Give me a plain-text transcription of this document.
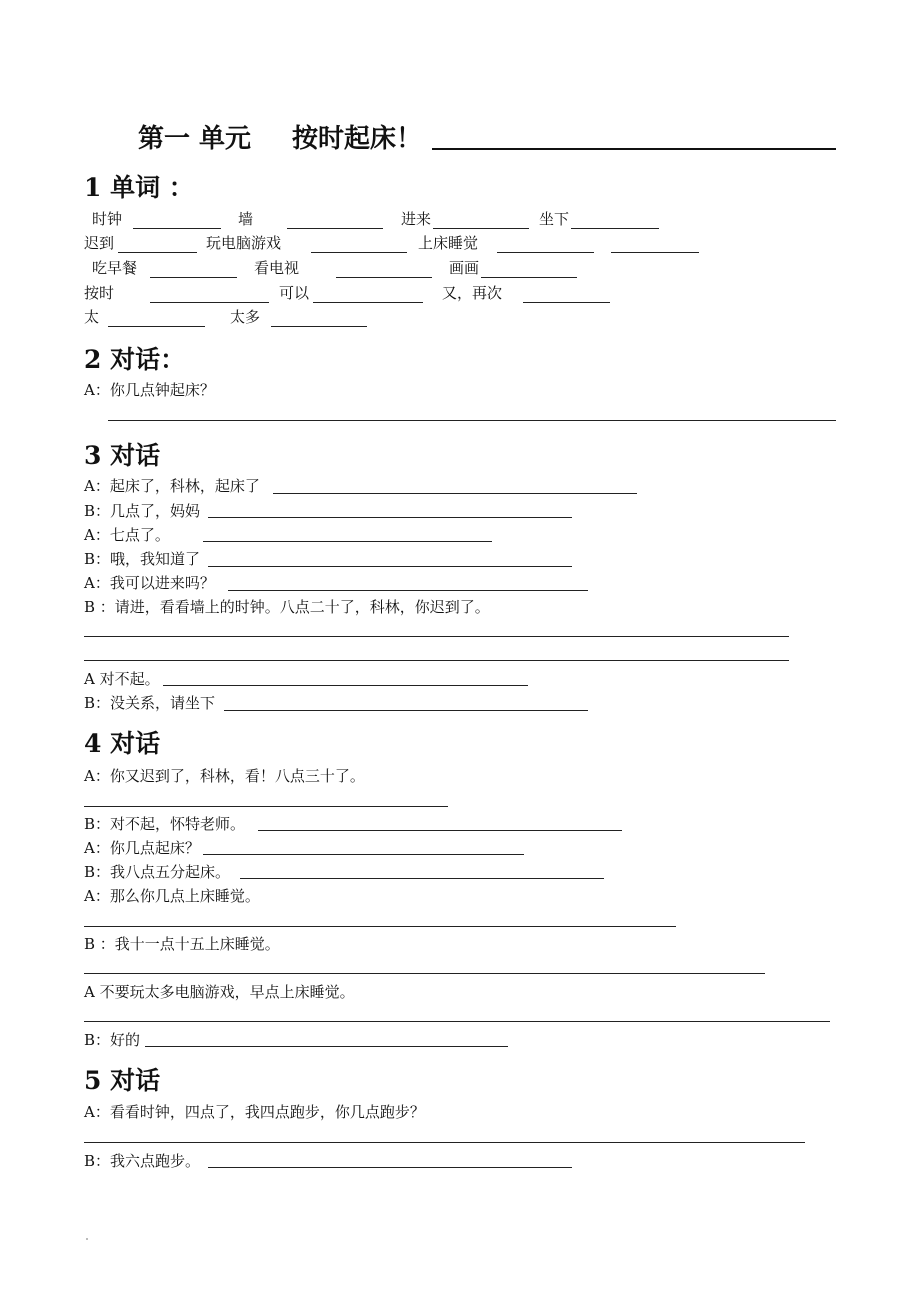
第一 单元 按时起床！
1 单词 ：
时钟	墙	进来	坐下
迟到	玩电脑游戏	上床睡觉
吃早餐	看电视	画画
按时	可以	又，再次
太	太多
2 对话：
A：你几点钟起床？
3 对话
A：起床了，科林，起床了
B：几点了，妈妈
A：七点了。
B：哦，我知道了
A：我可以进来吗？
B ：请进，看看墙上的时钟。八点二十了，科林，你迟到了。
A 对不起。
B：没关系，请坐下
4 对话
A：你又迟到了，科林，看！八点三十了。
B：对不起，怀特老师。
A：你几点起床？
B：我八点五分起床。
A：那么你几点上床睡觉。
B ：我十一点十五上床睡觉。
A 不要玩太多电脑游戏，早点上床睡觉。
B：好的
5 对话
A：看看时钟，四点了，我四点跑步，你几点跑步？
B：我六点跑步。
